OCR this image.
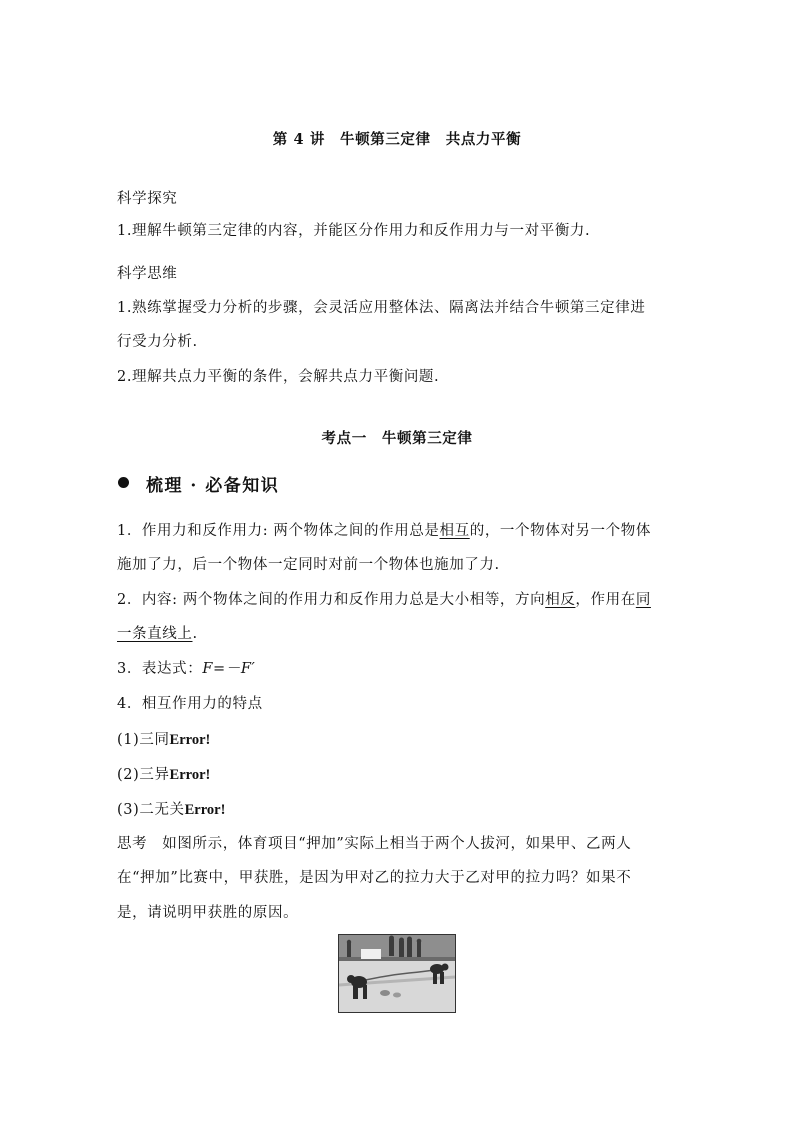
第 4 讲　牛顿第三定律　共点力平衡
科学探究
1.理解牛顿第三定律的内容，并能区分作用力和反作用力与一对平衡力.
科学思维
1.熟练掌握受力分析的步骤，会灵活应用整体法、隔离法并结合牛顿第三定律进
行受力分析.
2.理解共点力平衡的条件，会解共点力平衡问题.
考点一　牛顿第三定律
梳理 · 必备知识
1．作用力和反作用力: 两个物体之间的作用总是相互的，一个物体对另一个物体
施加了力，后一个物体一定同时对前一个物体也施加了力.
2．内容: 两个物体之间的作用力和反作用力总是大小相等，方向相反，作用在同
一条直线上.
3．表达式：F=－F′
4．相互作用力的特点
(1)三同Error!
(2)三异Error!
(3)二无关Error!
思考　如图所示，体育项目“押加”实际上相当于两个人拔河，如果甲、乙两人
在“押加”比赛中，甲获胜，是因为甲对乙的拉力大于乙对甲的拉力吗？如果不
是，请说明甲获胜的原因。
